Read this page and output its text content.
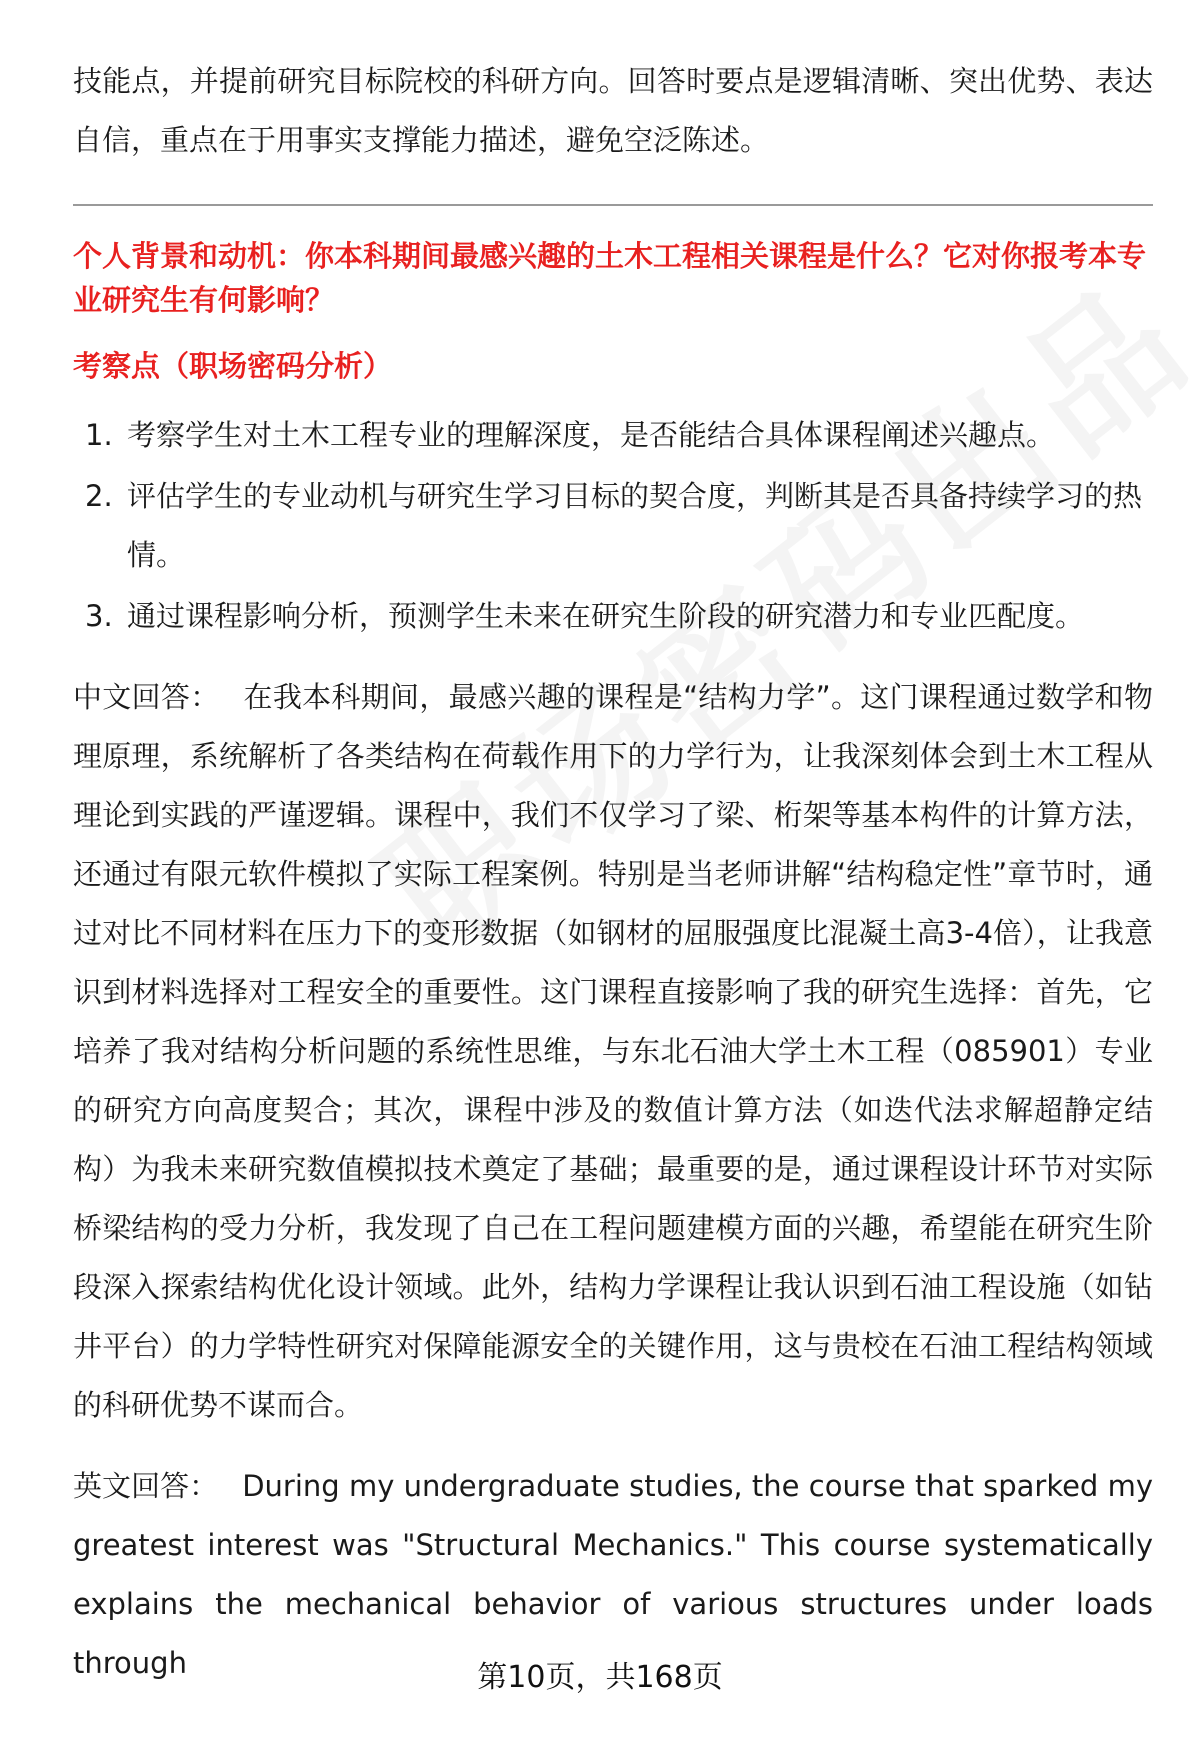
技能点，并提前研究目标院校的科研方向。回答时要点是逻辑清晰、突出优势、表达自信，重点在于用事实支撑能力描述，避免空泛陈述。

个人背景和动机：你本科期间最感兴趣的土木工程相关课程是什么？它对你报考本专业研究生有何影响？

考察点（职场密码分析）

1. 考察学生对土木工程专业的理解深度，是否能结合具体课程阐述兴趣点。
2. 评估学生的专业动机与研究生学习目标的契合度，判断其是否具备持续学习的热情。
3. 通过课程影响分析，预测学生未来在研究生阶段的研究潜力和专业匹配度。

中文回答： 在我本科期间，最感兴趣的课程是“结构力学”。这门课程通过数学和物理原理，系统解析了各类结构在荷载作用下的力学行为，让我深刻体会到土木工程从理论到实践的严谨逻辑。课程中，我们不仅学习了梁、桁架等基本构件的计算方法，还通过有限元软件模拟了实际工程案例。特别是当老师讲解“结构稳定性”章节时，通过对比不同材料在压力下的变形数据（如钢材的屈服强度比混凝土高3-4倍），让我意识到材料选择对工程安全的重要性。这门课程直接影响了我的研究生选择：首先，它培养了我对结构分析问题的系统性思维，与东北石油大学土木工程（085901）专业的研究方向高度契合；其次，课程中涉及的数值计算方法（如迭代法求解超静定结构）为我未来研究数值模拟技术奠定了基础；最重要的是，通过课程设计环节对实际桥梁结构的受力分析，我发现了自己在工程问题建模方面的兴趣，希望能在研究生阶段深入探索结构优化设计领域。此外，结构力学课程让我认识到石油工程设施（如钻井平台）的力学特性研究对保障能源安全的关键作用，这与贵校在石油工程结构领域的科研优势不谋而合。

英文回答： During my undergraduate studies, the course that sparked my greatest interest was "Structural Mechanics." This course systematically explains the mechanical behavior of various structures under loads through	第10页，共168页
